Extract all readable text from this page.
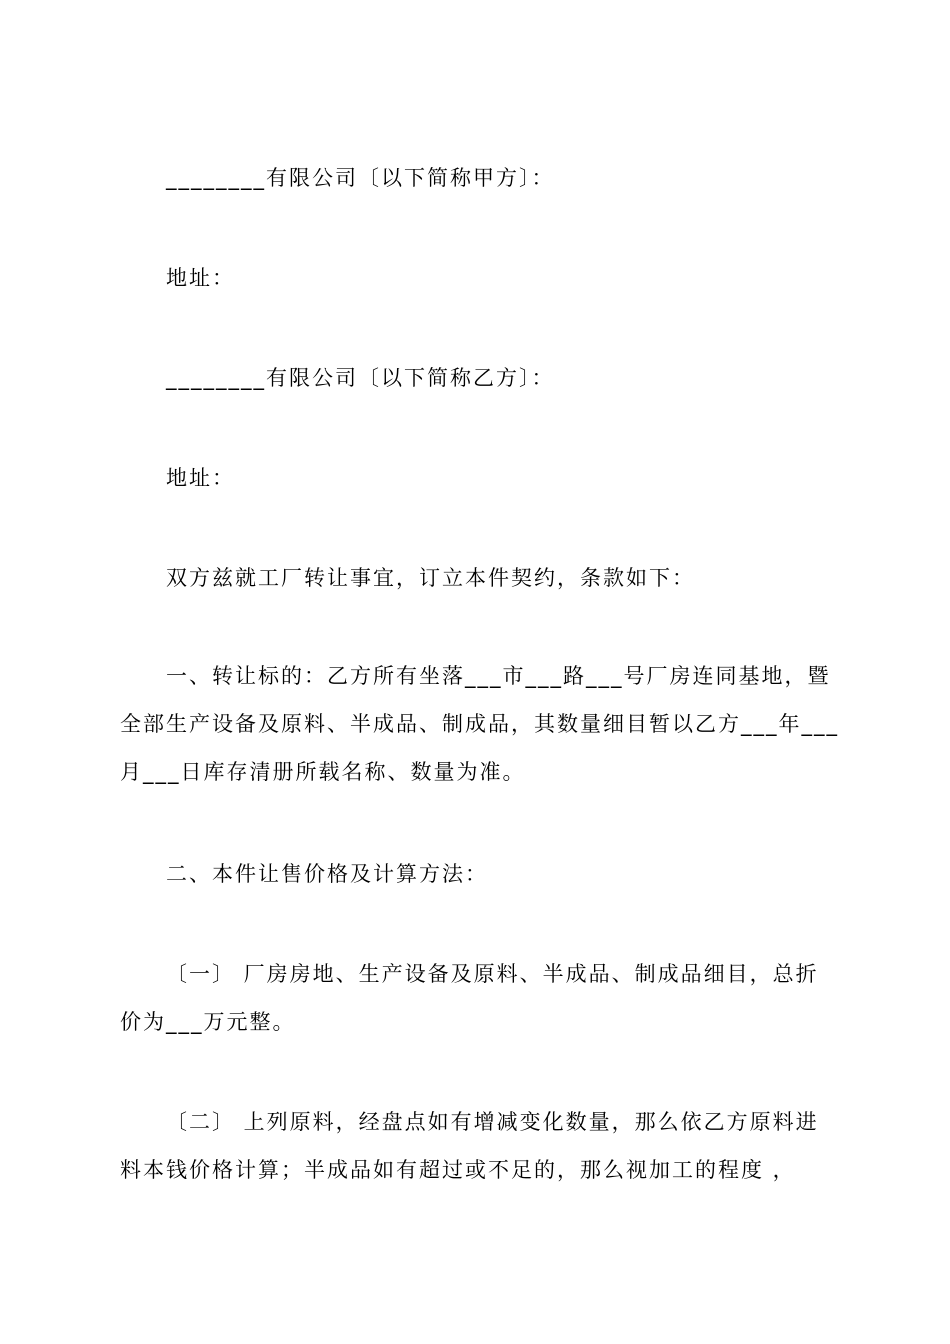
________有限公司〔以下简称甲方〕：

地址：

________有限公司〔以下简称乙方〕：

地址：

双方兹就工厂转让事宜，订立本件契约，条款如下：

一、转让标的：乙方所有坐落___市___路___号厂房连同基地，暨全部生产设备及原料、半成品、制成品，其数量细目暂以乙方___年___月___日库存清册所载名称、数量为准。

二、本件让售价格及计算方法：

〔一〕 厂房房地、生产设备及原料、半成品、制成品细目，总折价为___万元整。

〔二〕 上列原料，经盘点如有增减变化数量，那么依乙方原料进料本钱价格计算；半成品如有超过或不足的，那么视加工的程度 ，
